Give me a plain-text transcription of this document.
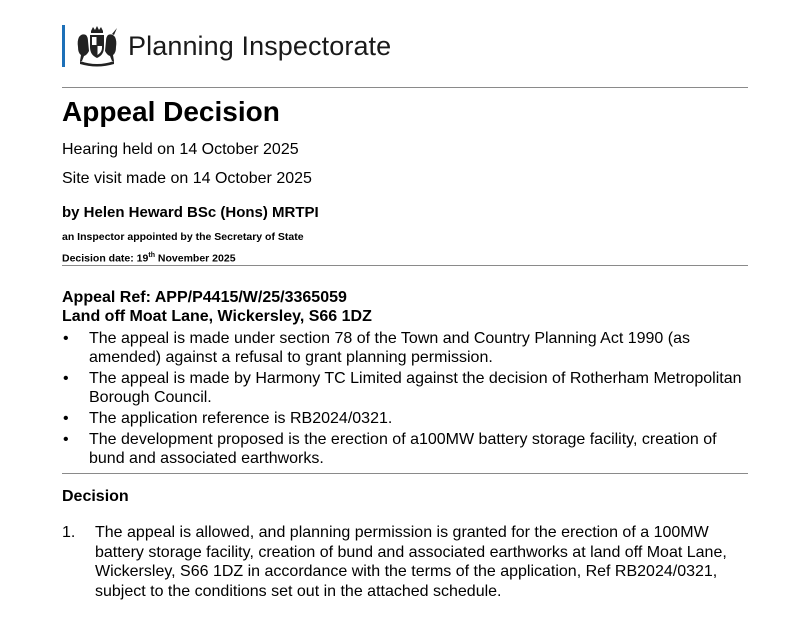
Planning Inspectorate
Appeal Decision
Hearing held on 14 October 2025
Site visit made on 14 October 2025
by Helen Heward BSc (Hons) MRTPI
an Inspector appointed by the Secretary of State
Decision date: 19th November 2025
Appeal Ref: APP/P4415/W/25/3365059
Land off Moat Lane, Wickersley, S66 1DZ
• The appeal is made under section 78 of the Town and Country Planning Act 1990 (as amended) against a refusal to grant planning permission.
• The appeal is made by Harmony TC Limited against the decision of Rotherham Metropolitan Borough Council.
• The application reference is RB2024/0321.
• The development proposed is the erection of a100MW battery storage facility, creation of bund and associated earthworks.
Decision
1. The appeal is allowed, and planning permission is granted for the erection of a 100MW battery storage facility, creation of bund and associated earthworks at land off Moat Lane, Wickersley, S66 1DZ in accordance with the terms of the application, Ref RB2024/0321, subject to the conditions set out in the attached schedule.
